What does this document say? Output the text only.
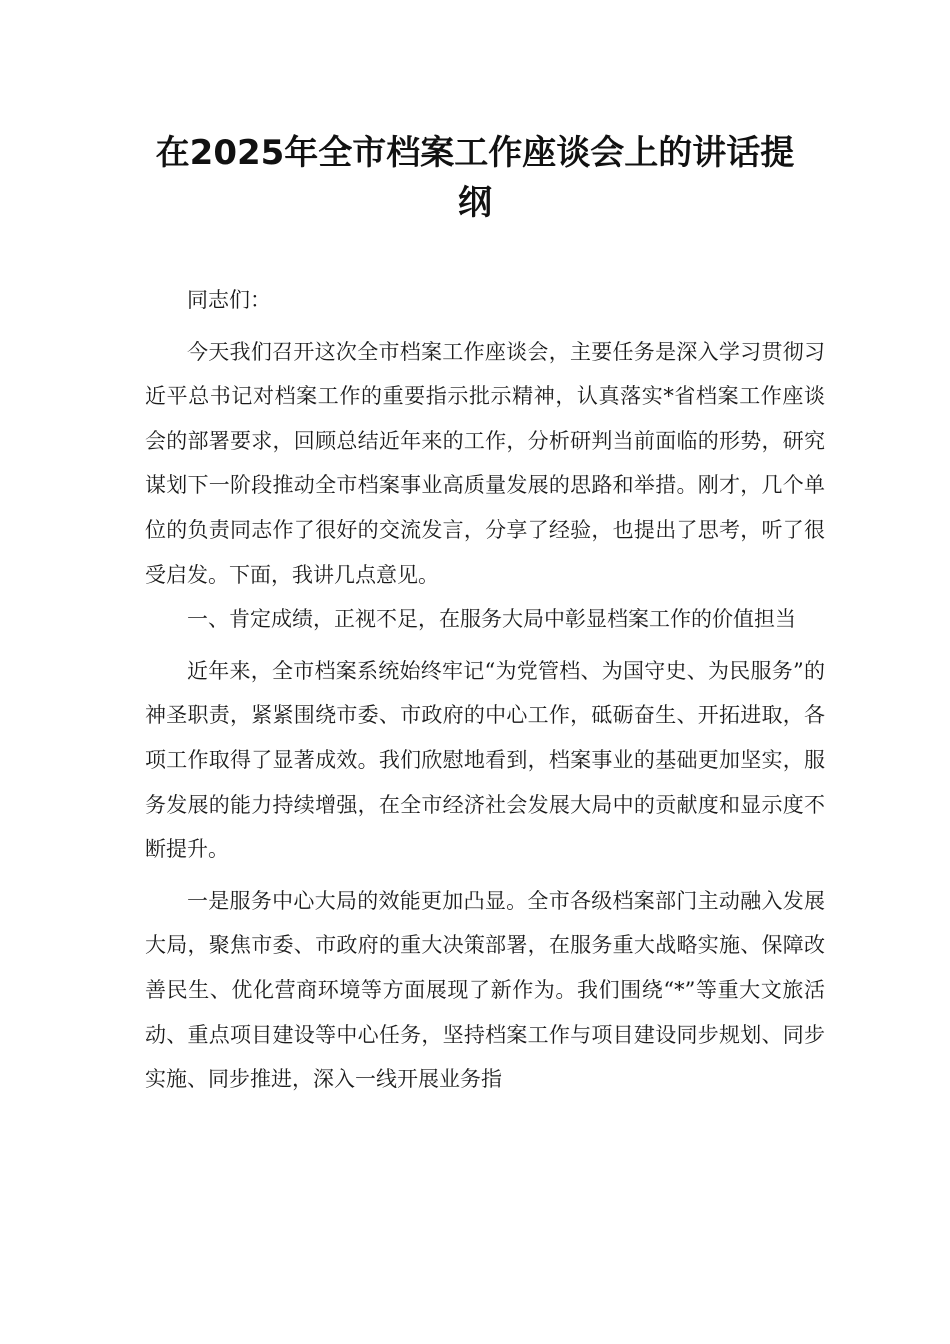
在2025年全市档案工作座谈会上的讲话提纲

同志们：

今天我们召开这次全市档案工作座谈会，主要任务是深入学习贯彻习近平总书记对档案工作的重要指示批示精神，认真落实*省档案工作座谈会的部署要求，回顾总结近年来的工作，分析研判当前面临的形势，研究谋划下一阶段推动全市档案事业高质量发展的思路和举措。刚才，几个单位的负责同志作了很好的交流发言，分享了经验，也提出了思考，听了很受启发。下面，我讲几点意见。

一、肯定成绩，正视不足，在服务大局中彰显档案工作的价值担当

近年来，全市档案系统始终牢记“为党管档、为国守史、为民服务”的神圣职责，紧紧围绕市委、市政府的中心工作，砥砺奋生、开拓进取，各项工作取得了显著成效。我们欣慰地看到，档案事业的基础更加坚实，服务发展的能力持续增强，在全市经济社会发展大局中的贡献度和显示度不断提升。

一是服务中心大局的效能更加凸显。全市各级档案部门主动融入发展大局，聚焦市委、市政府的重大决策部署，在服务重大战略实施、保障改善民生、优化营商环境等方面展现了新作为。我们围绕“*”等重大文旅活动、重点项目建设等中心任务，坚持档案工作与项目建设同步规划、同步实施、同步推进，深入一线开展业务指
